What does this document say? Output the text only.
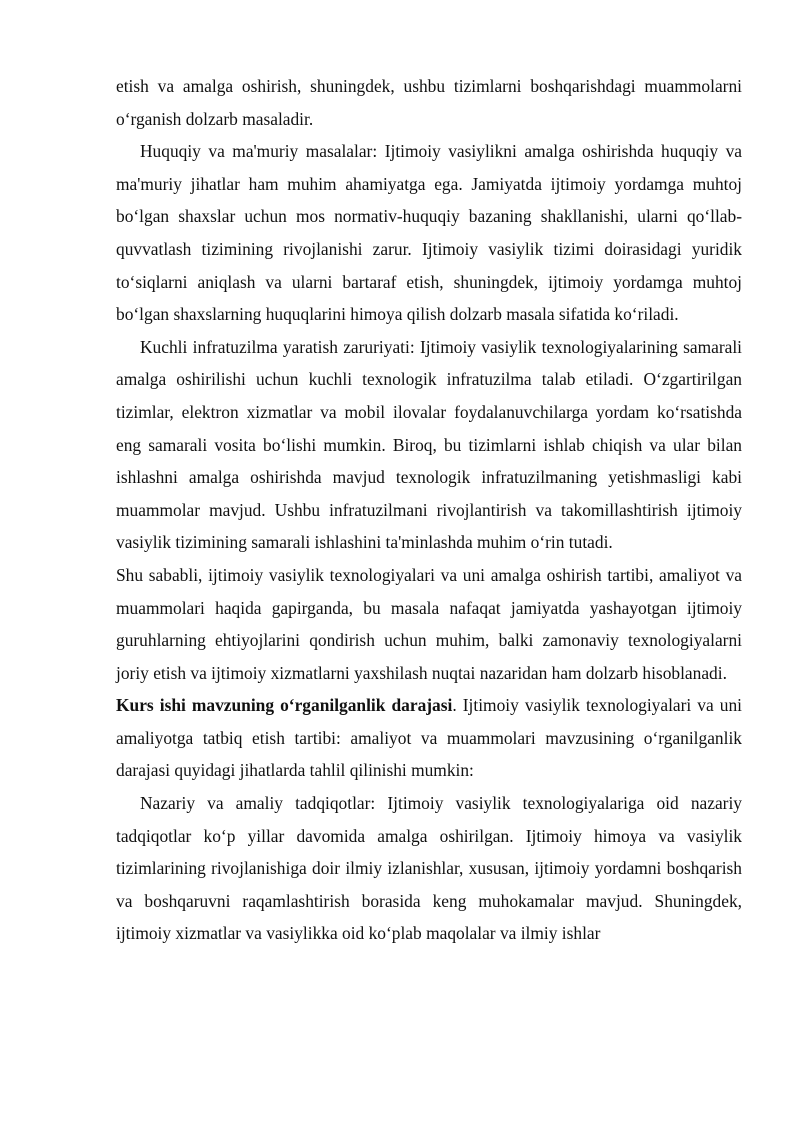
etish va amalga oshirish, shuningdek, ushbu tizimlarni boshqarishdagi muammolarni o‘rganish dolzarb masaladir.

Huquqiy va ma'muriy masalalar: Ijtimoiy vasiylikni amalga oshirishda huquqiy va ma'muriy jihatlar ham muhim ahamiyatga ega. Jamiyatda ijtimoiy yordamga muhtoj bo‘lgan shaxslar uchun mos normativ-huquqiy bazaning shakllanishi, ularni qo‘llab-quvvatlash tizimining rivojlanishi zarur. Ijtimoiy vasiylik tizimi doirasidagi yuridik to‘siqlarni aniqlash va ularni bartaraf etish, shuningdek, ijtimoiy yordamga muhtoj bo‘lgan shaxslarning huquqlarini himoya qilish dolzarb masala sifatida ko‘riladi.

Kuchli infratuzilma yaratish zaruriyati: Ijtimoiy vasiylik texnologiyalarining samarali amalga oshirilishi uchun kuchli texnologik infratuzilma talab etiladi. O‘zgartirilgan tizimlar, elektron xizmatlar va mobil ilovalar foydalanuvchilarga yordam ko‘rsatishda eng samarali vosita bo‘lishi mumkin. Biroq, bu tizimlarni ishlab chiqish va ular bilan ishlashni amalga oshirishda mavjud texnologik infratuzilmaning yetishmasligi kabi muammolar mavjud. Ushbu infratuzilmani rivojlantirish va takomillashtirish ijtimoiy vasiylik tizimining samarali ishlashini ta'minlashda muhim o‘rin tutadi.

Shu sababli, ijtimoiy vasiylik texnologiyalari va uni amalga oshirish tartibi, amaliyot va muammolari haqida gapirganda, bu masala nafaqat jamiyatda yashayotgan ijtimoiy guruhlarning ehtiyojlarini qondirish uchun muhim, balki zamonaviy texnologiyalarni joriy etish va ijtimoiy xizmatlarni yaxshilash nuqtai nazaridan ham dolzarb hisoblanadi.

Kurs ishi mavzuning o‘rganilganlik darajasi. Ijtimoiy vasiylik texnologiyalari va uni amaliyotga tatbiq etish tartibi: amaliyot va muammolari mavzusining o‘rganilganlik darajasi quyidagi jihatlarda tahlil qilinishi mumkin:

Nazariy va amaliy tadqiqotlar: Ijtimoiy vasiylik texnologiyalariga oid nazariy tadqiqotlar ko‘p yillar davomida amalga oshirilgan. Ijtimoiy himoya va vasiylik tizimlarining rivojlanishiga doir ilmiy izlanishlar, xususan, ijtimoiy yordamni boshqarish va boshqaruvni raqamlashtirish borasida keng muhokamalar mavjud. Shuningdek, ijtimoiy xizmatlar va vasiylikka oid ko‘plab maqolalar va ilmiy ishlar
